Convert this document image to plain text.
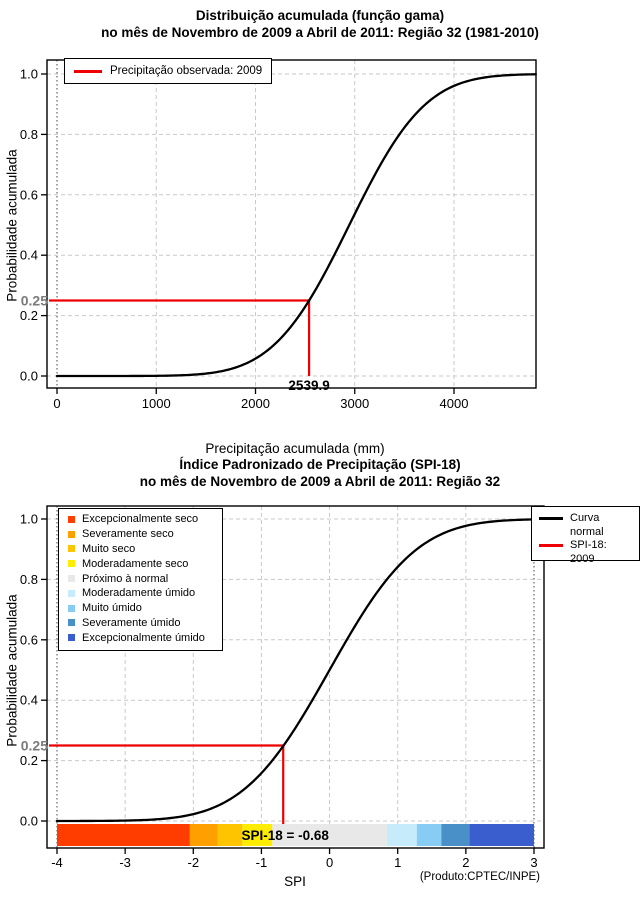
0	1000	2000	3000	4000
0.0
0.2
0.4
0.6
0.8
1.0
0.25
2539.9
-4	-3	-2	-1	0	1	2	3
0.0
0.2
0.4
0.6
0.8
1.0
0.25
SPI-18 = -0.68
Distribuição acumulada (função gama)
no mês de Novembro de 2009 a Abril de 2011: Região 32 (1981-2010)
Precipitação acumulada (mm)
Probabilidade acumulada
Precipitação observada: 2009
Índice Padronizado de Precipitação (SPI-18)
no mês de Novembro de 2009 a Abril de 2011: Região 32
SPI
Probabilidade acumulada
Excepcionalmente seco
Severamente seco
Muito seco
Moderadamente seco
Próximo à normal
Moderadamente úmido
Muito úmido
Severamente úmido
Excepcionalmente úmido
Curva normal
SPI-18: 2009
(Produto:CPTEC/INPE)
